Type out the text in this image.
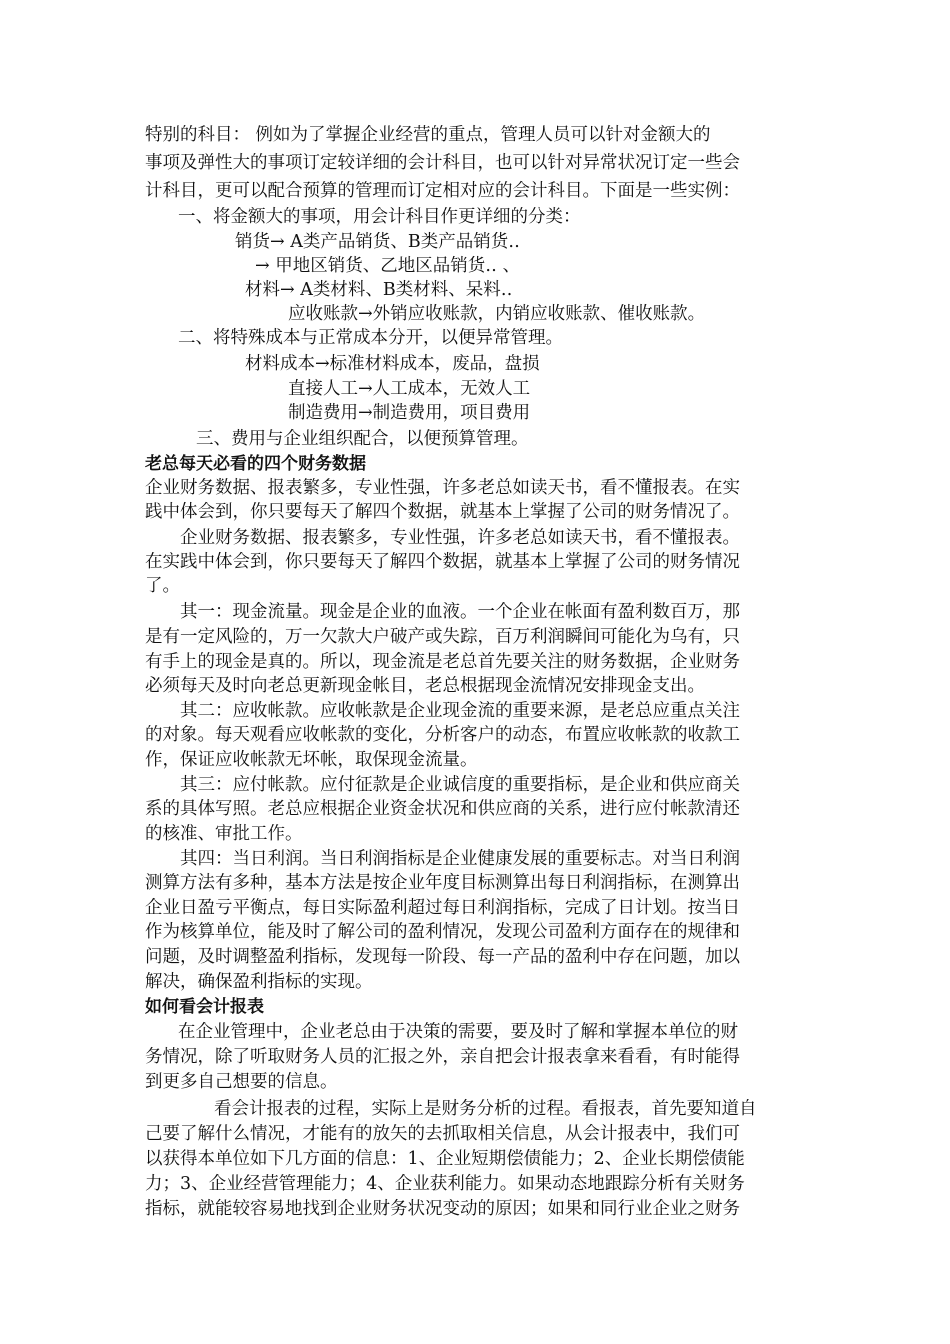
特别的科目： 例如为了掌握企业经营的重点，管理人员可以针对金额大的
事项及弹性大的事项订定较详细的会计科目，也可以针对异常状况订定一些会
计科目，更可以配合预算的管理而订定相对应的会计科目。下面是一些实例：
一、将金额大的事项，用会计科目作更详细的分类：
销货→ A类产品销货、B类产品销货‥
→ 甲地区销货、乙地区品销货‥ 、
材料→ A类材料、B类材料、呆料‥
应收账款→外销应收账款，内销应收账款、催收账款。
二、将特殊成本与正常成本分开，以便异常管理。
材料成本→标准材料成本，废品，盘损
直接人工→人工成本，无效人工
制造费用→制造费用，项目费用
三、费用与企业组织配合，以便预算管理。
老总每天必看的四个财务数据
企业财务数据、报表繁多，专业性强，许多老总如读天书，看不懂报表。在实
践中体会到，你只要每天了解四个数据，就基本上掌握了公司的财务情况了。
企业财务数据、报表繁多，专业性强，许多老总如读天书，看不懂报表。
在实践中体会到，你只要每天了解四个数据，就基本上掌握了公司的财务情况
了。
其一：现金流量。现金是企业的血液。一个企业在帐面有盈利数百万，那
是有一定风险的，万一欠款大户破产或失踪，百万利润瞬间可能化为乌有，只
有手上的现金是真的。所以，现金流是老总首先要关注的财务数据，企业财务
必须每天及时向老总更新现金帐目，老总根据现金流情况安排现金支出。
其二：应收帐款。应收帐款是企业现金流的重要来源，是老总应重点关注
的对象。每天观看应收帐款的变化，分析客户的动态，布置应收帐款的收款工
作，保证应收帐款无坏帐，取保现金流量。
其三：应付帐款。应付征款是企业诚信度的重要指标，是企业和供应商关
系的具体写照。老总应根据企业资金状况和供应商的关系，进行应付帐款清还
的核准、审批工作。
其四：当日利润。当日利润指标是企业健康发展的重要标志。对当日利润
测算方法有多种，基本方法是按企业年度目标测算出每日利润指标，在测算出
企业日盈亏平衡点，每日实际盈利超过每日利润指标，完成了日计划。按当日
作为核算单位，能及时了解公司的盈利情况，发现公司盈利方面存在的规律和
问题，及时调整盈利指标，发现每一阶段、每一产品的盈利中存在问题，加以
解决，确保盈利指标的实现。
如何看会计报表
在企业管理中，企业老总由于决策的需要，要及时了解和掌握本单位的财
务情况，除了听取财务人员的汇报之外，亲自把会计报表拿来看看，有时能得
到更多自己想要的信息。
看会计报表的过程，实际上是财务分析的过程。看报表，首先要知道自
己要了解什么情况，才能有的放矢的去抓取相关信息，从会计报表中，我们可
以获得本单位如下几方面的信息：1、企业短期偿债能力；2、企业长期偿债能
力；3、企业经营管理能力；4、企业获利能力。如果动态地跟踪分析有关财务
指标，就能较容易地找到企业财务状况变动的原因；如果和同行业企业之财务
